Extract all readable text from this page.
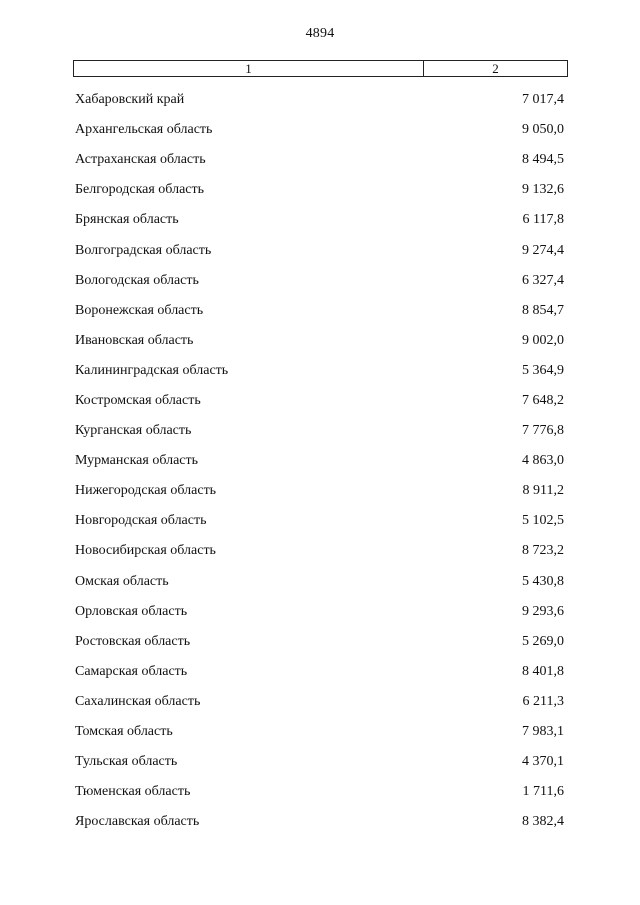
4894
1	2
Хабаровский край	7 017,4
Архангельская область	9 050,0
Астраханская область	8 494,5
Белгородская область	9 132,6
Брянская область	6 117,8
Волгоградская область	9 274,4
Вологодская область	6 327,4
Воронежская область	8 854,7
Ивановская область	9 002,0
Калининградская область	5 364,9
Костромская область	7 648,2
Курганская область	7 776,8
Мурманская область	4 863,0
Нижегородская область	8 911,2
Новгородская область	5 102,5
Новосибирская область	8 723,2
Омская область	5 430,8
Орловская область	9 293,6
Ростовская область	5 269,0
Самарская область	8 401,8
Сахалинская область	6 211,3
Томская область	7 983,1
Тульская область	4 370,1
Тюменская область	1 711,6
Ярославская область	8 382,4
